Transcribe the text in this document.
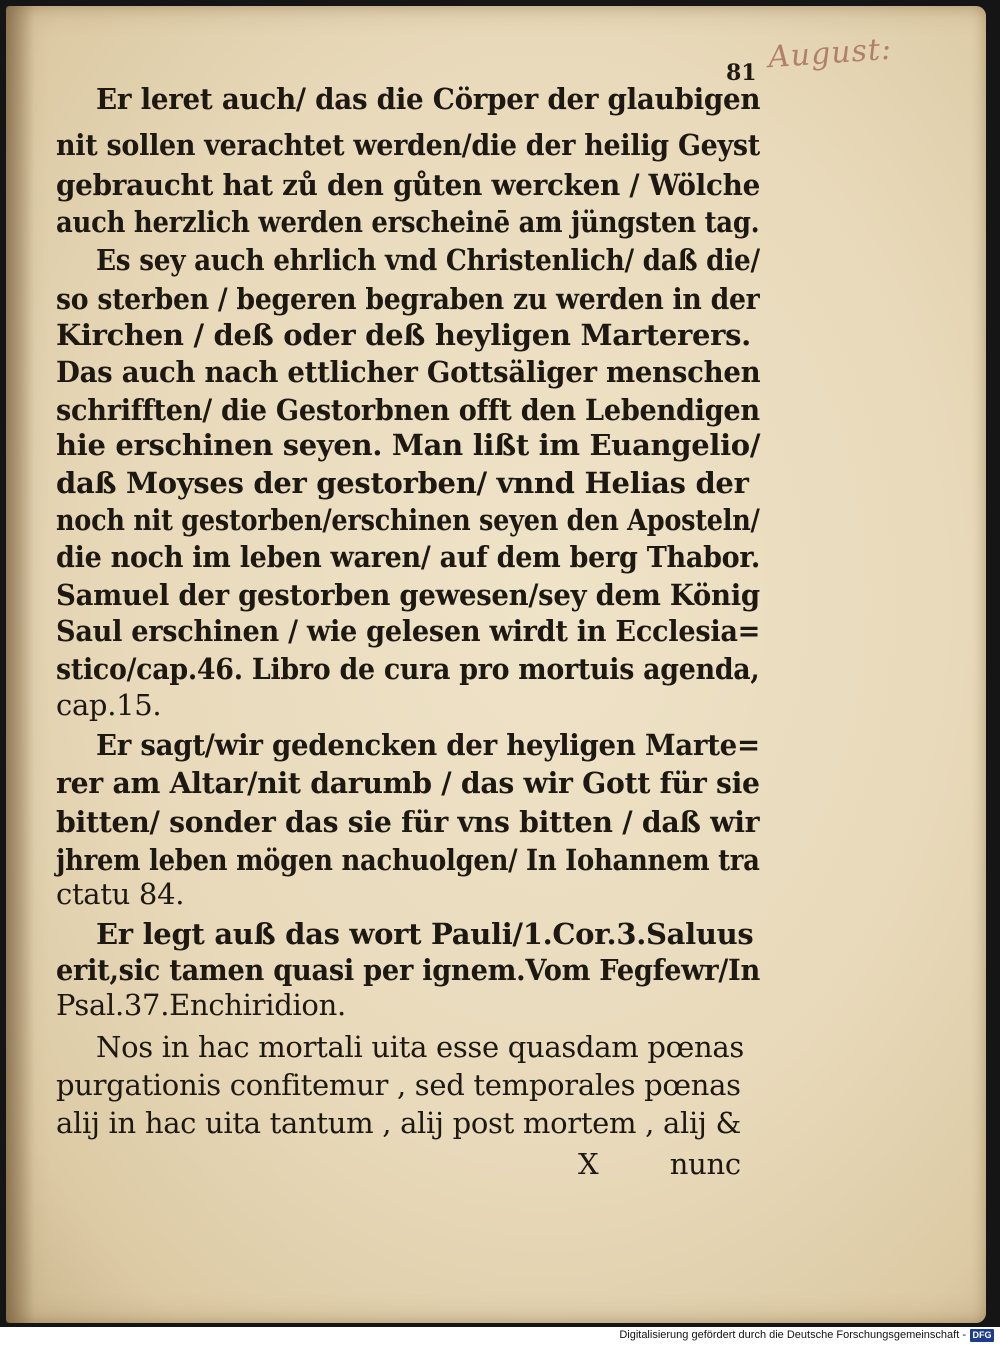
August:
81
Er leret auch/ das die Cörper der glaubigen
nit sollen verachtet werden/die der heilig Geyst
gebraucht hat zů den gůten wercken / Wölche
auch herzlich werden erscheinē am jüngsten tag.
Es sey auch ehrlich vnd Christenlich/ daß die/
so sterben / begeren begraben zu werden in der
Kirchen / deß oder deß heyligen Marterers.
Das auch nach ettlicher Gottsäliger menschen
schrifften/ die Gestorbnen offt den Lebendigen
hie erschinen seyen. Man lißt im Euangelio/
daß Moyses der gestorben/ vnnd Helias der
noch nit gestorben/erschinen seyen den Aposteln/
die noch im leben waren/ auf dem berg Thabor.
Samuel der gestorben gewesen/sey dem König
Saul erschinen / wie gelesen wirdt in Ecclesia=
stico/cap.46. Libro de cura pro mortuis agenda,
cap.15.
Er sagt/wir gedencken der heyligen Marte=
rer am Altar/nit darumb / das wir Gott für sie
bitten/ sonder das sie für vns bitten / daß wir
jhrem leben mögen nachuolgen/ In Iohannem tra
ctatu 84.
Er legt auß das wort Pauli/1.Cor.3.Saluus
erit,sic tamen quasi per ignem.Vom Fegfewr/In
Psal.37.Enchiridion.
Nos in hac mortali uita esse quasdam pœnas
purgationis confitemur , sed temporales pœnas
alij in hac uita tantum , alij post mortem , alij &
X        nunc
Digitalisierung gefördert durch die Deutsche Forschungsgemeinschaft - DFG
